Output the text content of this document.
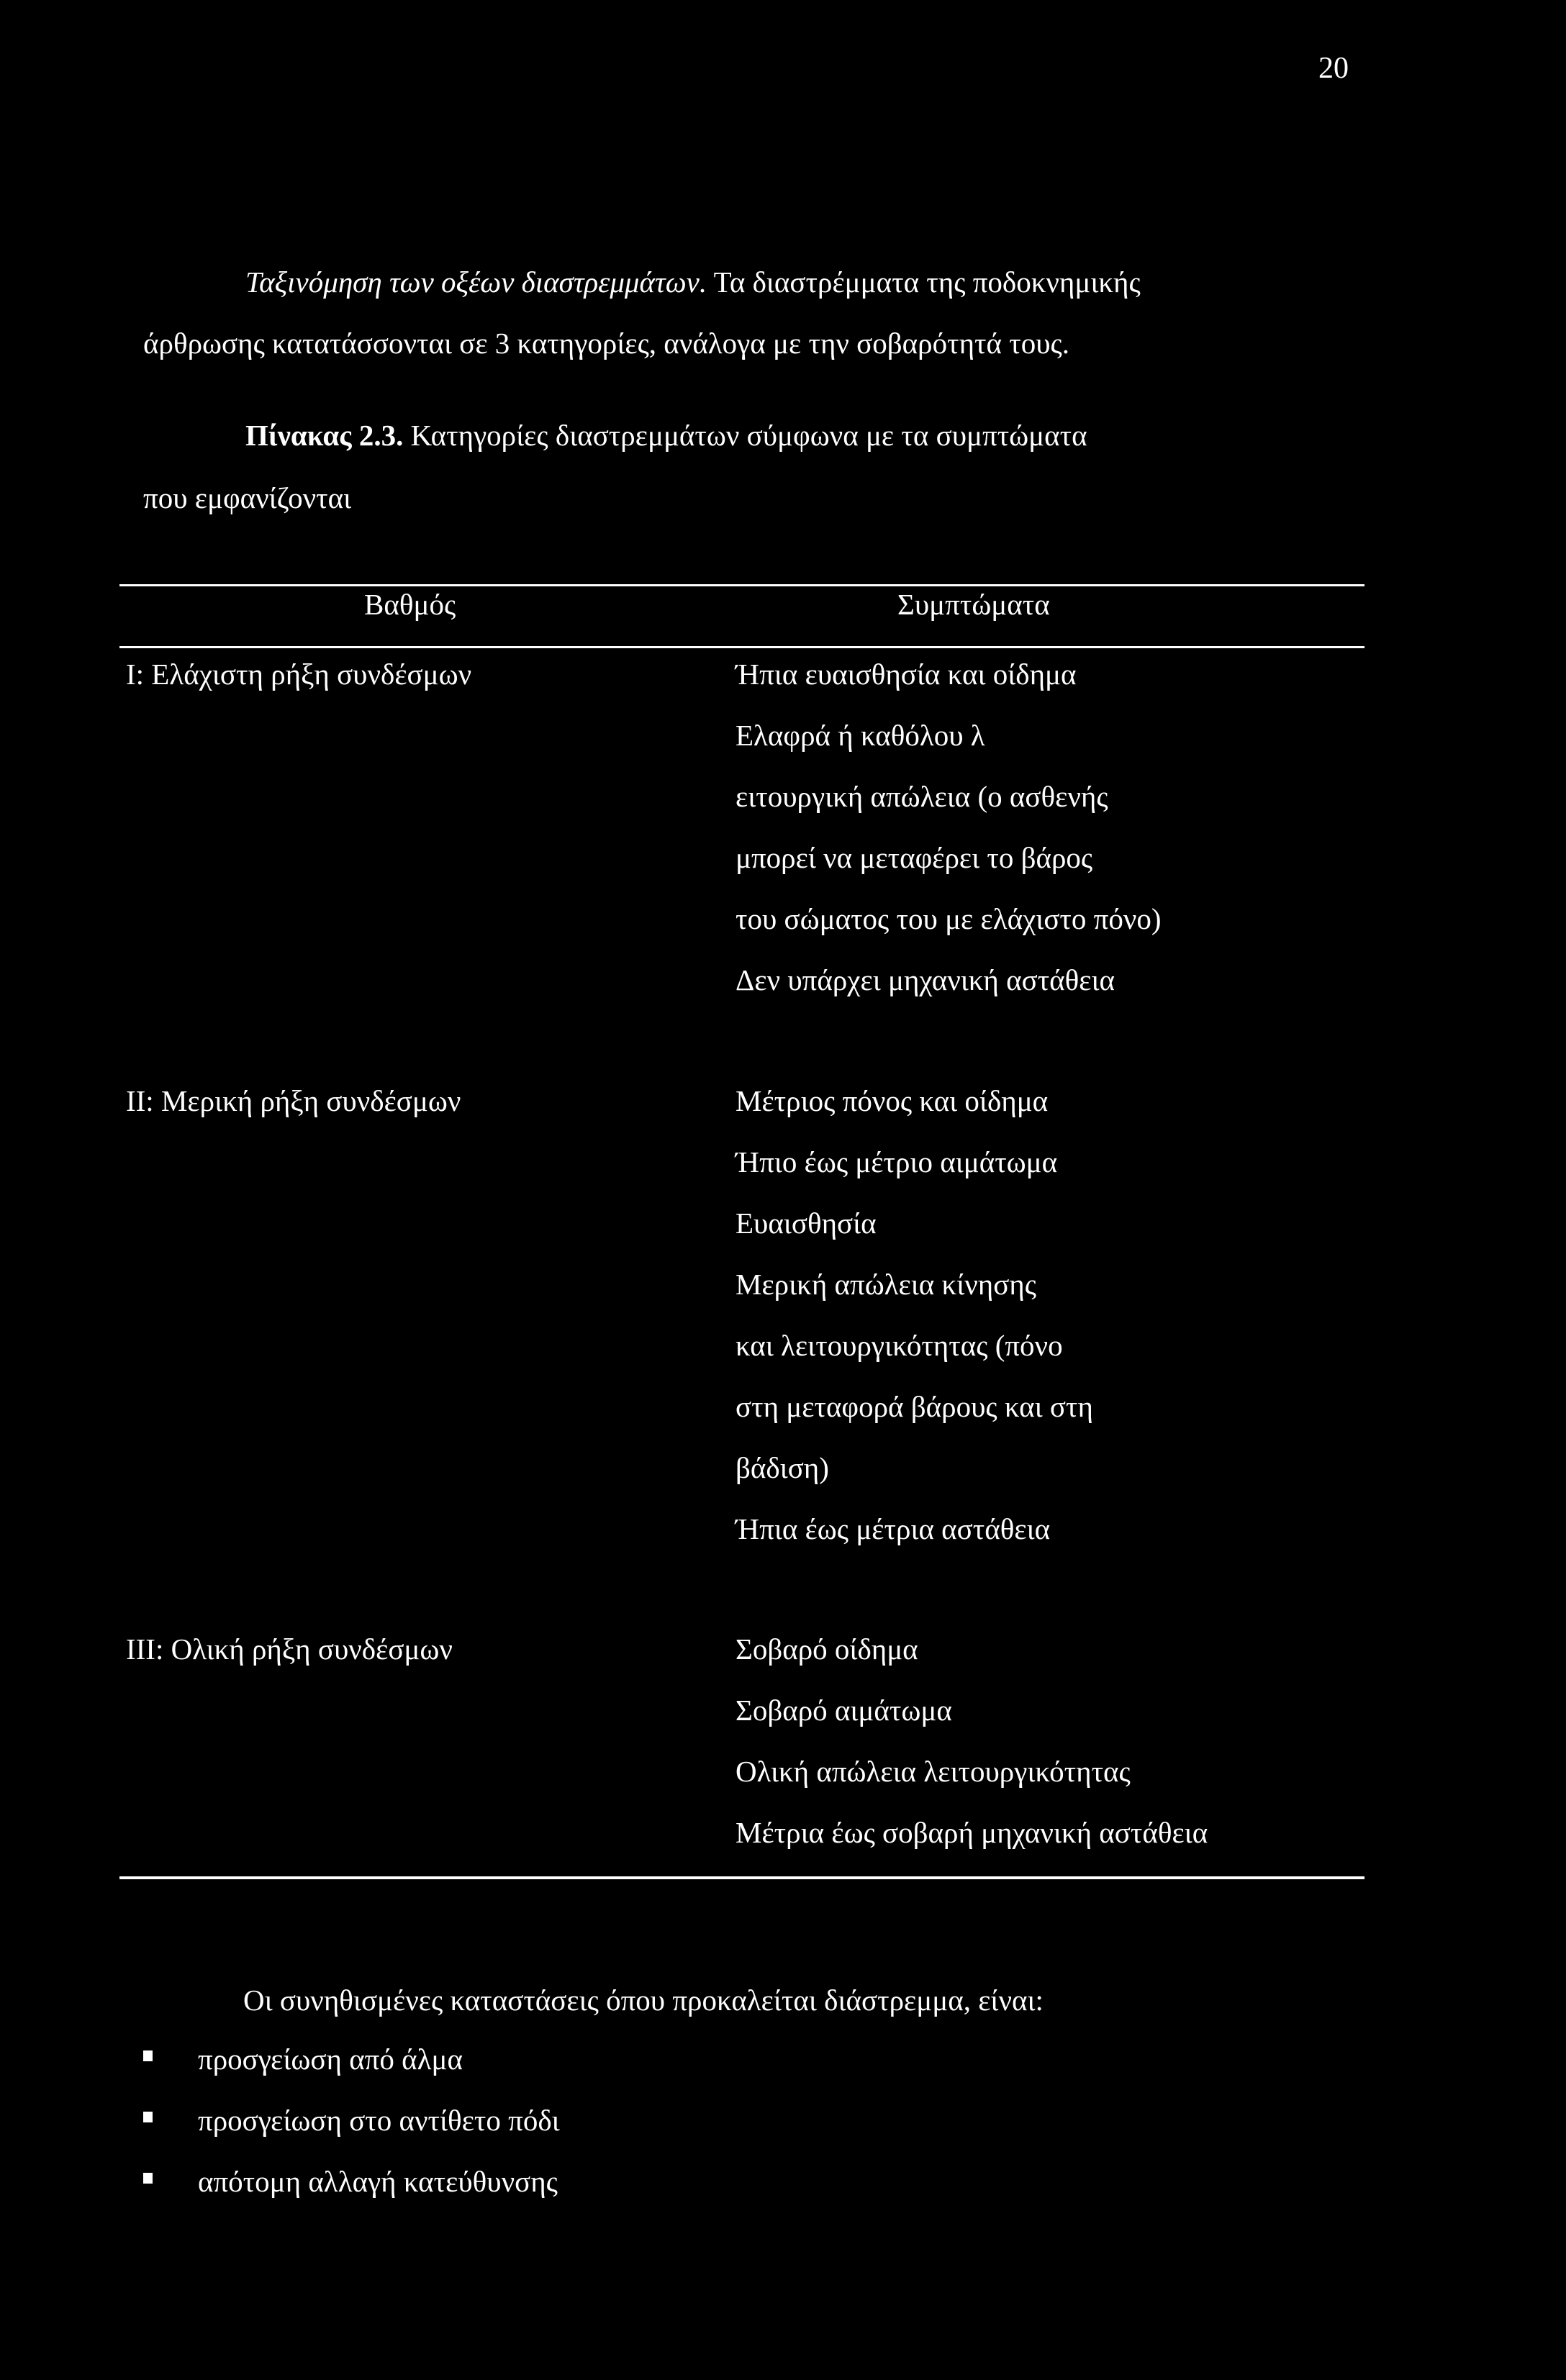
20
Ταξινόμηση των οξέων διαστρεμμάτων. Τα διαστρέμματα της ποδοκνημικής
άρθρωσης κατατάσσονται σε 3 κατηγορίες, ανάλογα με την σοβαρότητά τους.
Πίνακας 2.3. Κατηγορίες διαστρεμμάτων σύμφωνα με τα συμπτώματα
που εμφανίζονται
Βαθμός	Συμπτώματα
Ι: Ελάχιστη ρήξη συνδέσμων	Ήπια ευαισθησία και οίδημα
Ελαφρά ή καθόλου λ
ειτουργική απώλεια (ο ασθενής
μπορεί να μεταφέρει το βάρος
του σώματος του με ελάχιστο πόνο)
Δεν υπάρχει μηχανική αστάθεια
ΙΙ: Μερική ρήξη συνδέσμων	Μέτριος πόνος και οίδημα
Ήπιο έως μέτριο αιμάτωμα
Ευαισθησία
Μερική απώλεια κίνησης
και λειτουργικότητας (πόνο
στη μεταφορά βάρους και στη
βάδιση)
Ήπια έως μέτρια αστάθεια
ΙΙΙ: Ολική ρήξη συνδέσμων	Σοβαρό οίδημα
Σοβαρό αιμάτωμα
Ολική απώλεια λειτουργικότητας
Μέτρια έως σοβαρή μηχανική αστάθεια
Οι συνηθισμένες καταστάσεις όπου προκαλείται διάστρεμμα, είναι:
προσγείωση από άλμα
προσγείωση στο αντίθετο πόδι
απότομη αλλαγή κατεύθυνσης
